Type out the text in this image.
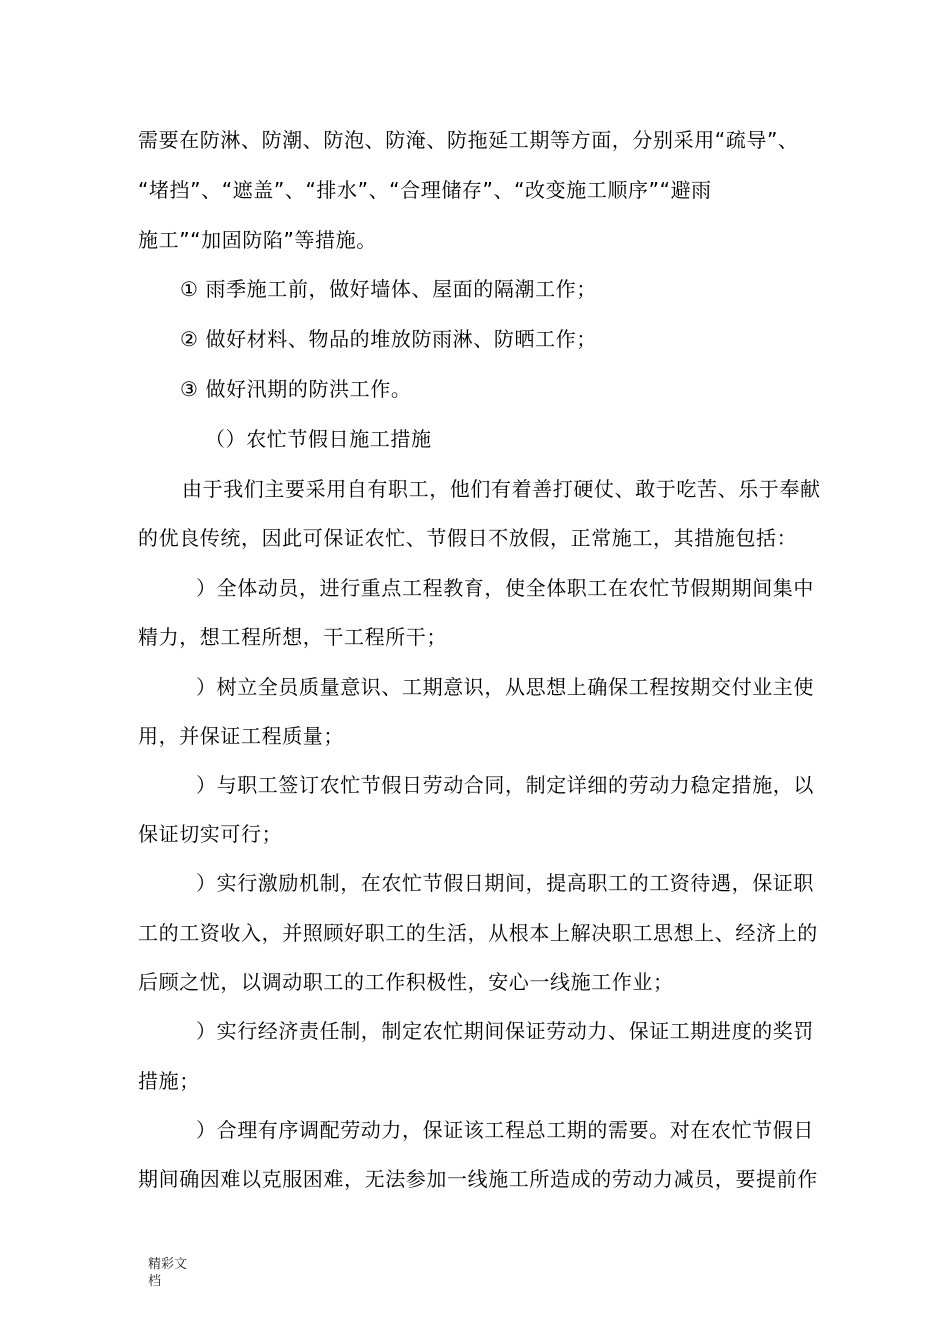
需要在防淋、防潮、防泡、防淹、防拖延工期等方面，分别采用“疏导”、
“堵挡”、“遮盖”、“排水”、“合理储存”、“改变施工顺序”“避雨
施工”“加固防陷”等措施。
① 雨季施工前，做好墙体、屋面的隔潮工作；
② 做好材料、物品的堆放防雨淋、防晒工作；
③ 做好汛期的防洪工作。
（）农忙节假日施工措施
由于我们主要采用自有职工，他们有着善打硬仗、敢于吃苦、乐于奉献
的优良传统，因此可保证农忙、节假日不放假，正常施工，其措施包括：
）全体动员，进行重点工程教育，使全体职工在农忙节假期期间集中
精力，想工程所想，干工程所干；
）树立全员质量意识、工期意识，从思想上确保工程按期交付业主使
用，并保证工程质量；
）与职工签订农忙节假日劳动合同，制定详细的劳动力稳定措施，以
保证切实可行；
）实行激励机制，在农忙节假日期间，提高职工的工资待遇，保证职
工的工资收入，并照顾好职工的生活，从根本上解决职工思想上、经济上的
后顾之忧，以调动职工的工作积极性，安心一线施工作业；
）实行经济责任制，制定农忙期间保证劳动力、保证工期进度的奖罚
措施；
）合理有序调配劳动力，保证该工程总工期的需要。对在农忙节假日
期间确因难以克服困难，无法参加一线施工所造成的劳动力减员，要提前作
精彩文
档
